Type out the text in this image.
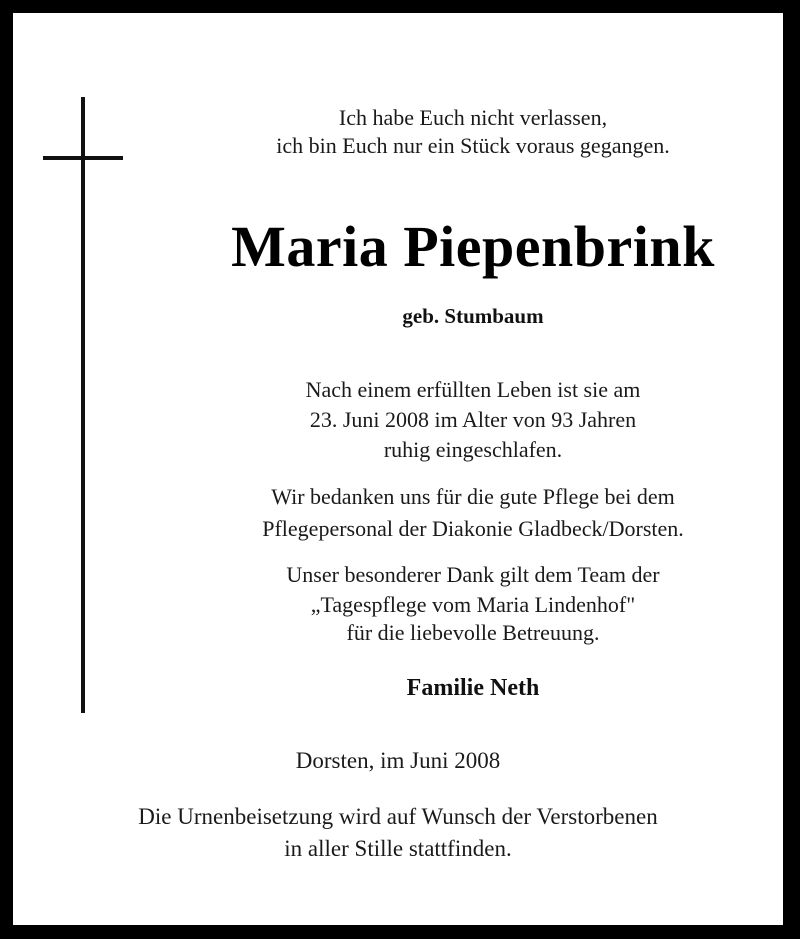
Ich habe Euch nicht verlassen,
ich bin Euch nur ein Stück voraus gegangen.
Maria Piepenbrink
geb. Stumbaum
Nach einem erfüllten Leben ist sie am
23. Juni 2008 im Alter von 93 Jahren
ruhig eingeschlafen.
Wir bedanken uns für die gute Pflege bei dem
Pflegepersonal der Diakonie Gladbeck/Dorsten.
Unser besonderer Dank gilt dem Team der
„Tagespflege vom Maria Lindenhof"
für die liebevolle Betreuung.
Familie Neth
Dorsten, im Juni 2008
Die Urnenbeisetzung wird auf Wunsch der Verstorbenen
in aller Stille stattfinden.
